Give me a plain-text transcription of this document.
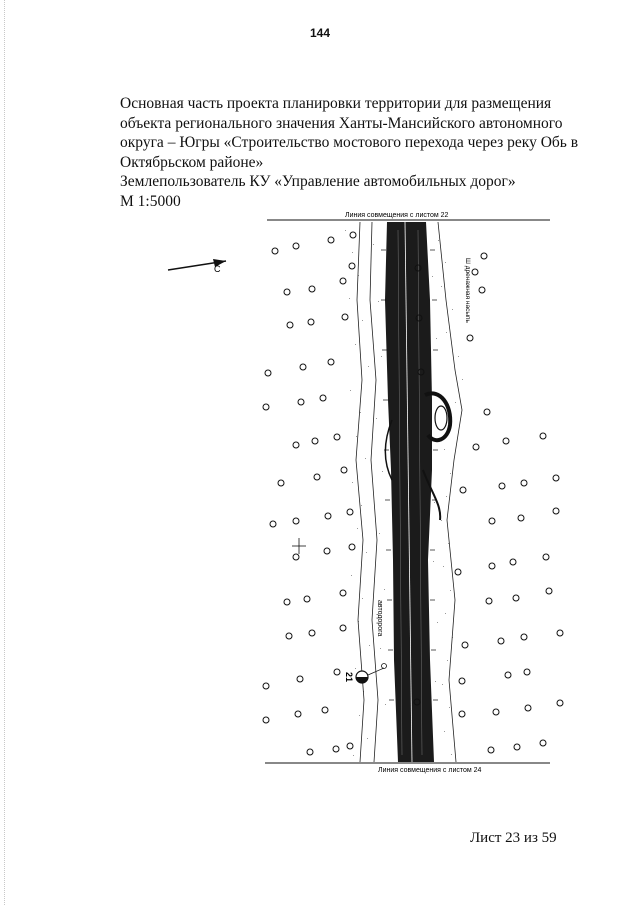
144
Основная часть проекта планировки территории для размещения
объекта регионального значения Ханты-Мансийского автономного
округа – Югры «Строительство мостового перехода через реку Обь в
Октябрьском районе»
Землепользователь КУ «Управление автомобильных дорог»
М 1:5000
Линия совмещения с листом 22
Линия совмещения с листом 24
С
автодорога
Ш дренажная насыпь
21
Лист 23 из 59
